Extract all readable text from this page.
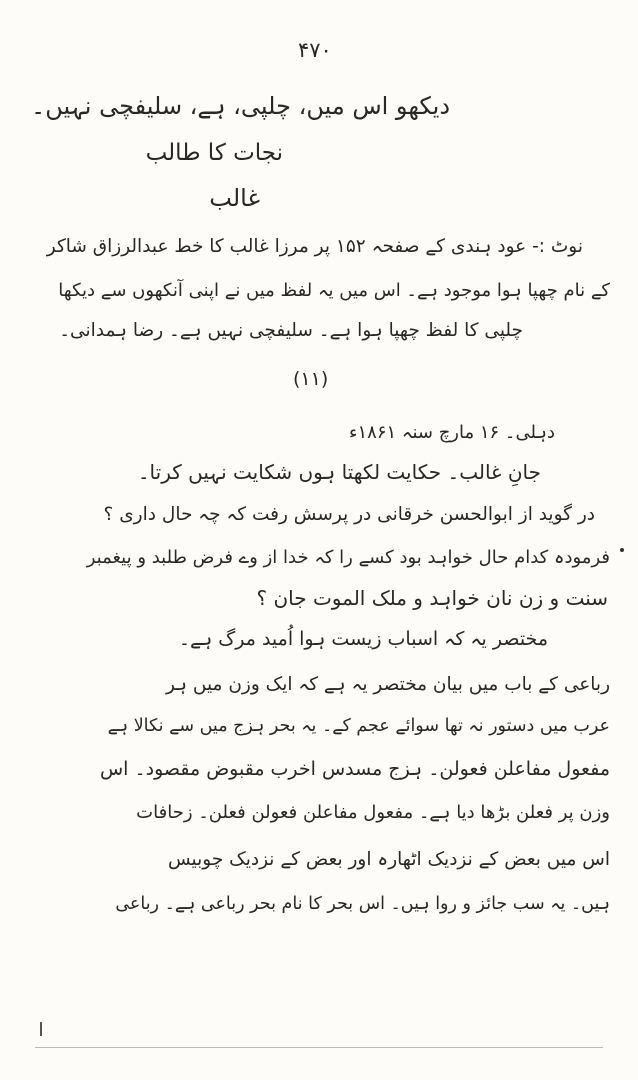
۴۷۰
دیکھو اس میں، چلپی، ہے، سلیفچی نہیں۔
نجات کا طالب
غالب
نوٹ :- عود ہندی کے صفحہ ۱۵۲ پر مرزا غالب کا خط عبدالرزاق شاکر
کے نام چھپا ہوا موجود ہے۔ اس میں یہ لفظ میں نے اپنی آنکھوں سے دیکھا
چلپی کا لفظ چھپا ہوا ہے۔ سلیفچی نہیں ہے۔ رضا ہمدانی۔
(۱۱)
دہلی۔ ۱۶ مارچ سنہ ۱۸۶۱ء
جانِ غالب۔ حکایت لکھتا ہوں شکایت نہیں کرتا۔
در گوید از ابوالحسن خرقانی در پرسش رفت کہ چہ حال داری ؟
فرمودہ کدام حال خواہد بود کسے را کہ خدا از وے فرض طلبد و پیغمبر
سنت و زن نان خواہد و ملک الموت جان ؟
مختصر یہ کہ اسباب زیست ہوا اُمید مرگ ہے۔
رباعی کے باب میں بیان مختصر یہ ہے کہ ایک وزن میں ہر
عرب میں دستور نہ تھا سوائے عجم کے۔ یہ بحر ہزج میں سے نکالا ہے
مفعول مفاعلن فعولن۔ ہزج مسدس اخرب مقبوض مقصود۔ اس
وزن پر فعلن بڑھا دیا ہے۔ مفعول مفاعلن فعولن فعلن۔ زحافات
اس میں بعض کے نزدیک اٹھارہ اور بعض کے نزدیک چوبیس
ہیں۔ یہ سب جائز و روا ہیں۔ اس بحر کا نام بحر رباعی ہے۔ رباعی
